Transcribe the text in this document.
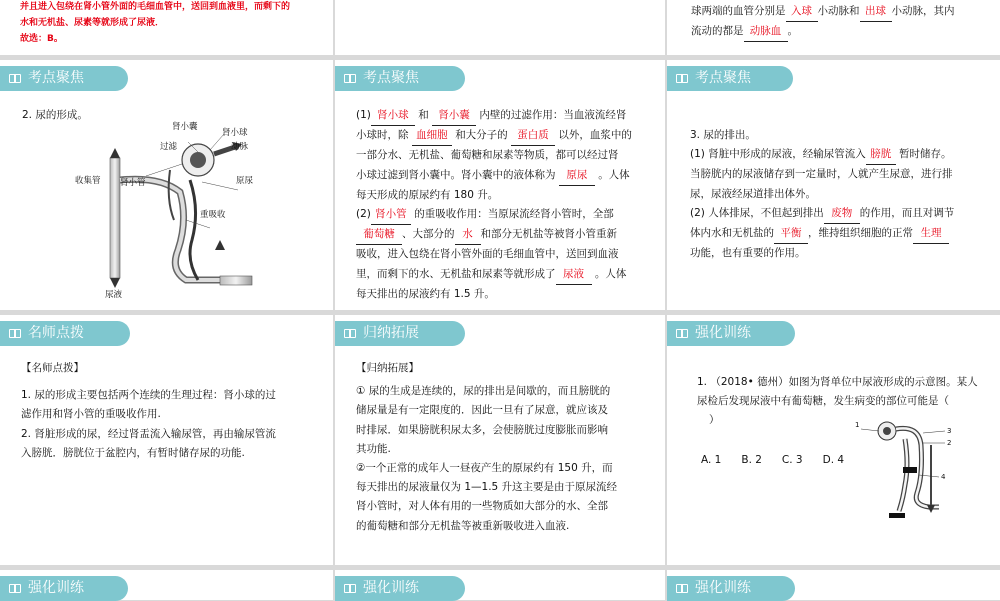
并且进入包绕在肾小管外面的毛细血管中，送回到血液里，而剩下的
水和无机盐、尿素等就形成了尿液．
故选：B。
球两端的血管分别是 入球 小动脉和 出球 小动脉，其内
流动的都是 动脉血 。
考点聚焦
2. 尿的形成。
肾小囊
肾小球
过滤	动脉
收集管 肾小管	原尿
重吸收
尿液
考点聚焦
(1) 肾小球 和 肾小囊 内壁的过滤作用：当血液流经肾
小球时，除 血细胞 和大分子的 蛋白质 以外，血浆中的
一部分水、无机盐、葡萄糖和尿素等物质，都可以经过肾
小球过滤到肾小囊中。肾小囊中的液体称为 原尿 。人体
每天形成的原尿约有 180 升。
(2) 肾小管 的重吸收作用：当原尿流经肾小管时，全部
葡萄糖 、大部分的 水 和部分无机盐等被肾小管重新
吸收，进入包绕在肾小管外面的毛细血管中，送回到血液
里，而剩下的水、无机盐和尿素等就形成了 尿液 。人体
每天排出的尿液约有 1.5 升。
考点聚焦
3. 尿的排出。
(1) 肾脏中形成的尿液，经输尿管流入 膀胱 暂时储存。
当膀胱内的尿液储存到一定量时，人就产生尿意，进行排
尿，尿液经尿道排出体外。
(2) 人体排尿，不但起到排出 废物 的作用，而且对调节
体内水和无机盐的 平衡 ，维持组织细胞的正常 生理
功能，也有重要的作用。
名师点拨
【名师点拨】
1. 尿的形成主要包括两个连续的生理过程：肾小球的过
滤作用和肾小管的重吸收作用.
2. 肾脏形成的尿，经过肾盂流入输尿管，再由输尿管流
入膀胱．膀胱位于盆腔内，有暂时储存尿的功能.
归纳拓展
【归纳拓展】
① 尿的生成是连续的，尿的排出是间歇的，而且膀胱的
储尿量是有一定限度的．因此一旦有了尿意，就应该及
时排尿．如果膀胱积尿太多，会使膀胱过度膨胀而影响
其功能.
②一个正常的成年人一昼夜产生的原尿约有 150 升，而
每天排出的尿液量仅为 1—1.5 升这主要是由于原尿流经
肾小管时，对人体有用的一些物质如大部分的水、全部
的葡萄糖和部分无机盐等被重新吸收进入血液.
强化训练
1. （2018• 德州）如图为肾单位中尿液形成的示意图。某人
尿检后发现尿液中有葡萄糖，发生病变的部位可能是（
）
A. 1 B. 2 C. 3 D. 4
1
3
2
4
强化训练	强化训练	强化训练
